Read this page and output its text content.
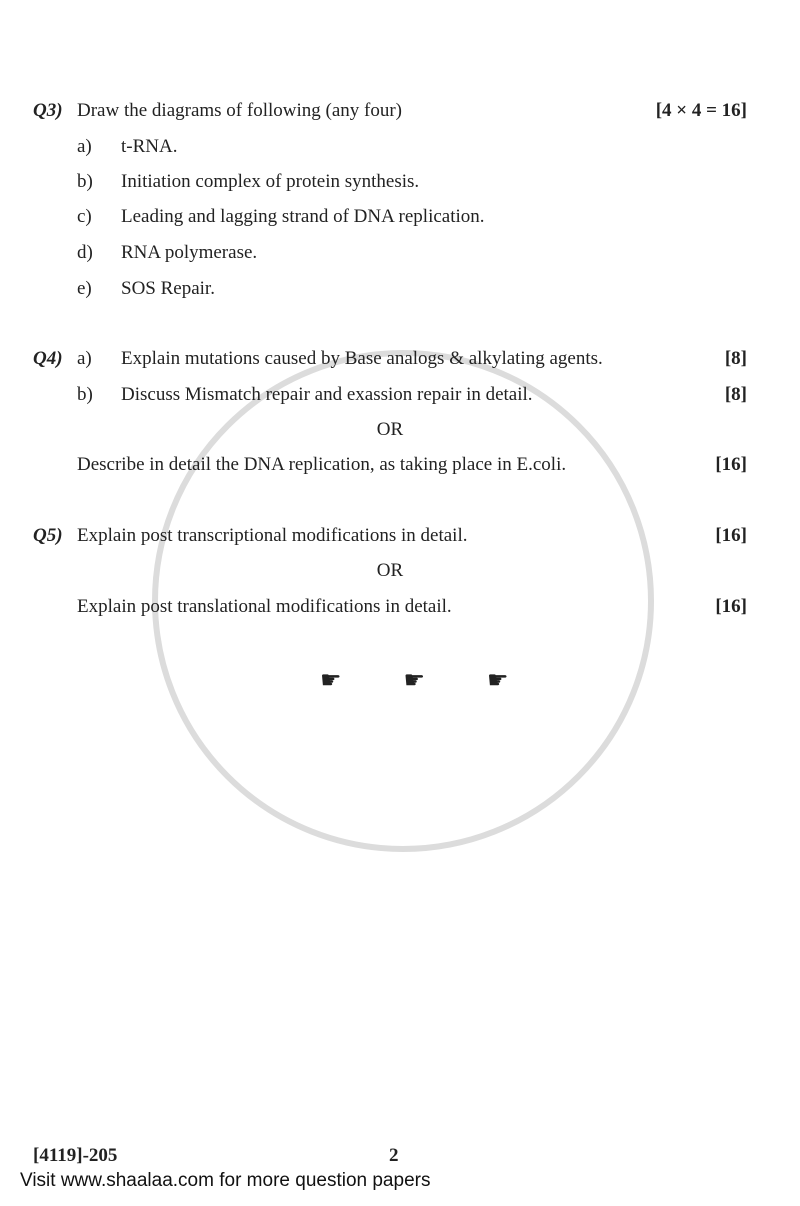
Q3) Draw the diagrams of following (any four)	[4 × 4 = 16]
a) t-RNA.
b) Initiation complex of protein synthesis.
c) Leading and lagging strand of DNA replication.
d) RNA polymerase.
e) SOS Repair.
Q4) a) Explain mutations caused by Base analogs & alkylating agents.	[8]
b) Discuss Mismatch repair and exassion repair in detail.	[8]
OR
Describe in detail the DNA replication, as taking place in E.coli.	[16]
Q5) Explain post transcriptional modifications in detail.	[16]
OR
Explain post translational modifications in detail.	[16]
☛ ☛ ☛
[4119]-205	2
Visit www.shaalaa.com for more question papers
